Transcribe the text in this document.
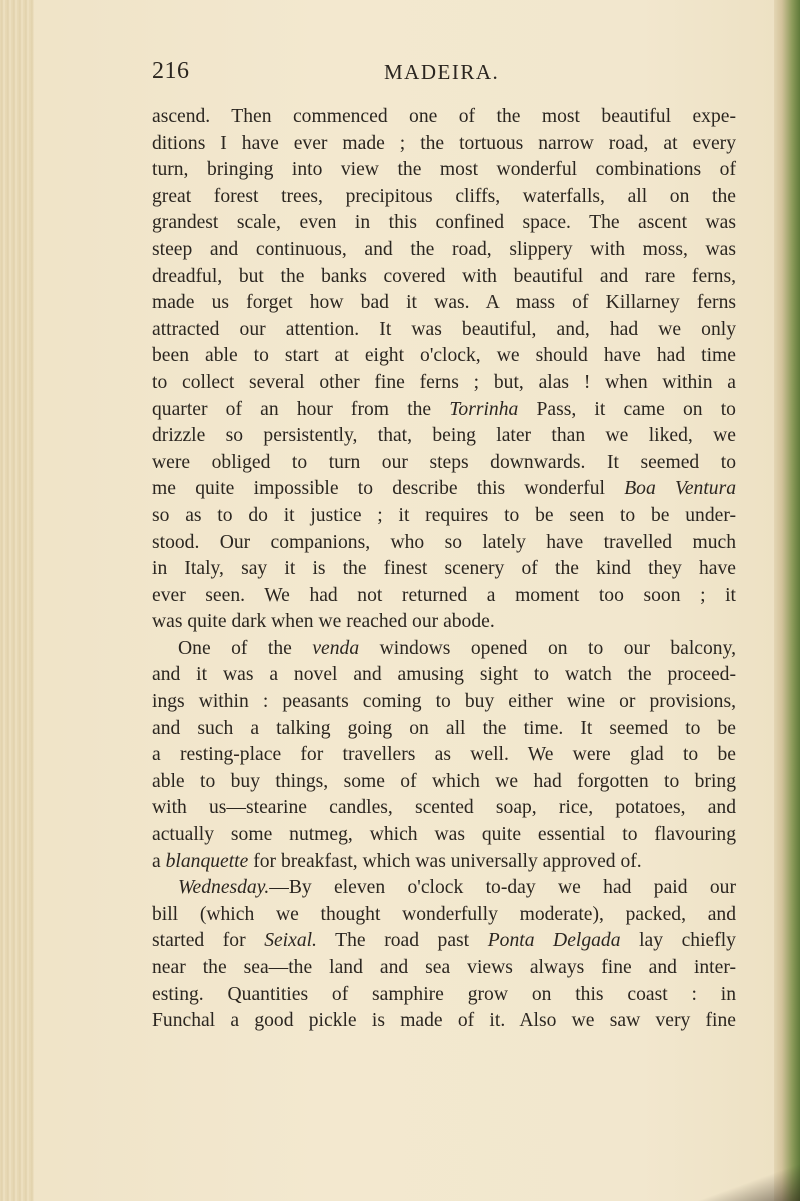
216	MADEIRA.
ascend. Then commenced one of the most beautiful expe-
ditions I have ever made ; the tortuous narrow road, at every
turn, bringing into view the most wonderful combinations of
great forest trees, precipitous cliffs, waterfalls, all on the
grandest scale, even in this confined space. The ascent was
steep and continuous, and the road, slippery with moss, was
dreadful, but the banks covered with beautiful and rare ferns,
made us forget how bad it was. A mass of Killarney ferns
attracted our attention. It was beautiful, and, had we only
been able to start at eight o'clock, we should have had time
to collect several other fine ferns ; but, alas ! when within a
quarter of an hour from the Torrinha Pass, it came on to
drizzle so persistently, that, being later than we liked, we
were obliged to turn our steps downwards. It seemed to
me quite impossible to describe this wonderful Boa Ventura
so as to do it justice ; it requires to be seen to be under-
stood. Our companions, who so lately have travelled much
in Italy, say it is the finest scenery of the kind they have
ever seen. We had not returned a moment too soon ; it
was quite dark when we reached our abode.
One of the venda windows opened on to our balcony,
and it was a novel and amusing sight to watch the proceed-
ings within : peasants coming to buy either wine or provisions,
and such a talking going on all the time. It seemed to be
a resting-place for travellers as well. We were glad to be
able to buy things, some of which we had forgotten to bring
with us—stearine candles, scented soap, rice, potatoes, and
actually some nutmeg, which was quite essential to flavouring
a blanquette for breakfast, which was universally approved of.
Wednesday.—By eleven o'clock to-day we had paid our
bill (which we thought wonderfully moderate), packed, and
started for Seixal. The road past Ponta Delgada lay chiefly
near the sea—the land and sea views always fine and inter-
esting. Quantities of samphire grow on this coast : in
Funchal a good pickle is made of it. Also we saw very fine
